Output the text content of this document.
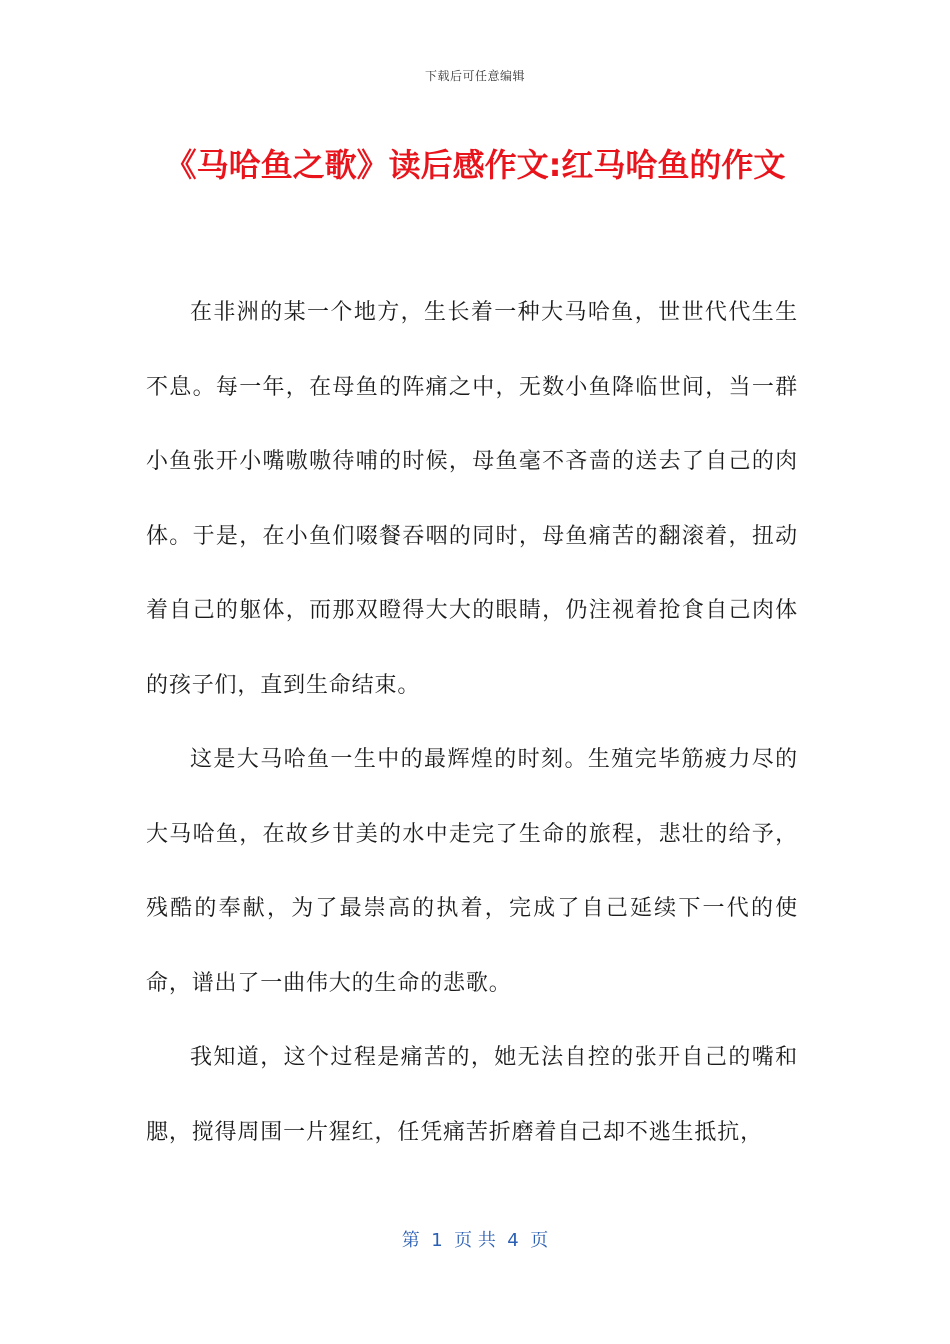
下载后可任意编辑
《马哈鱼之歌》读后感作文:红马哈鱼的作文

在非洲的某一个地方，生长着一种大马哈鱼，世世代代生生不息。每一年，在母鱼的阵痛之中，无数小鱼降临世间，当一群小鱼张开小嘴嗷嗷待哺的时候，母鱼毫不吝啬的送去了自己的肉体。于是，在小鱼们啜餐吞咽的同时，母鱼痛苦的翻滚着，扭动着自己的躯体，而那双瞪得大大的眼睛，仍注视着抢食自己肉体的孩子们，直到生命结束。

这是大马哈鱼一生中的最辉煌的时刻。生殖完毕筋疲力尽的大马哈鱼，在故乡甘美的水中走完了生命的旅程，悲壮的给予，残酷的奉献，为了最崇高的执着，完成了自己延续下一代的使命，谱出了一曲伟大的生命的悲歌。

我知道，这个过程是痛苦的，她无法自控的张开自己的嘴和腮，搅得周围一片猩红，任凭痛苦折磨着自己却不逃生抵抗，

第  1  页 共  4  页
